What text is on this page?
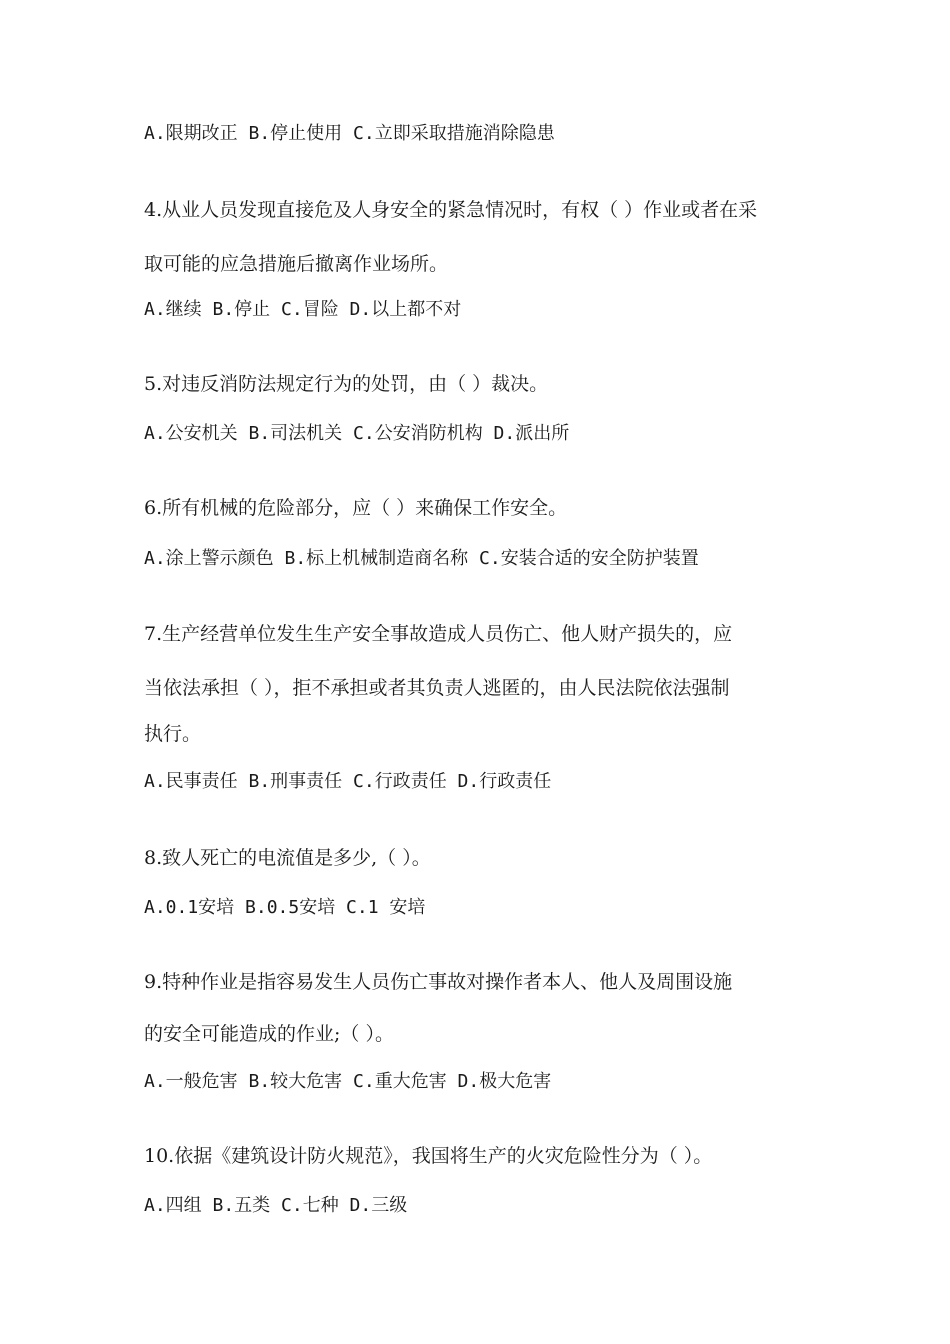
A.限期改正 B.停止使用 C.立即采取措施消除隐患
4.从业人员发现直接危及人身安全的紧急情况时，有权（ ）作业或者在采
取可能的应急措施后撤离作业场所。
A.继续 B.停止 C.冒险 D.以上都不对
5.对违反消防法规定行为的处罚，由（ ）裁决。
A.公安机关 B.司法机关 C.公安消防机构 D.派出所
6.所有机械的危险部分，应（ ）来确保工作安全。
A.涂上警示颜色 B.标上机械制造商名称 C.安装合适的安全防护装置
7.生产经营单位发生生产安全事故造成人员伤亡、他人财产损失的，应
当依法承担（ ），拒不承担或者其负责人逃匿的，由人民法院依法强制
执行。
A.民事责任 B.刑事责任 C.行政责任 D.行政责任
8.致人死亡的电流值是多少,（ ）。
A.0.1安培 B.0.5安培 C.1 安培
9.特种作业是指容易发生人员伤亡事故对操作者本人、他人及周围设施
的安全可能造成的作业;（ ）。
A.一般危害 B.较大危害 C.重大危害 D.极大危害
10.依据《建筑设计防火规范》，我国将生产的火灾危险性分为（ ）。
A.四组 B.五类 C.七种 D.三级
